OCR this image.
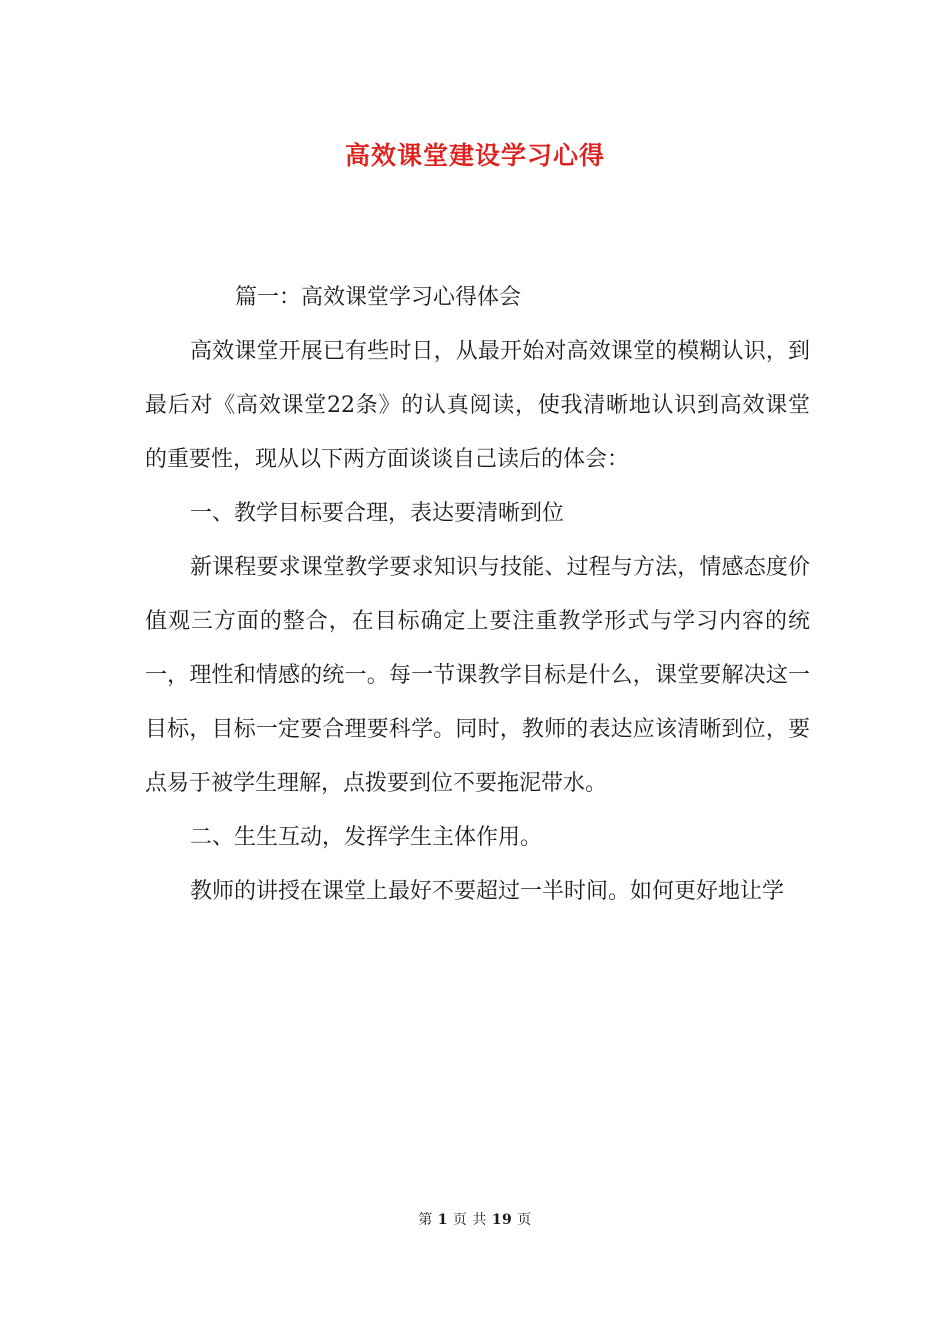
高效课堂建设学习心得

篇一：高效课堂学习心得体会

高效课堂开展已有些时日，从最开始对高效课堂的模糊认识，到最后对《高效课堂22条》的认真阅读，使我清晰地认识到高效课堂的重要性，现从以下两方面谈谈自己读后的体会：

一、教学目标要合理，表达要清晰到位

新课程要求课堂教学要求知识与技能、过程与方法，情感态度价值观三方面的整合，在目标确定上要注重教学形式与学习内容的统一，理性和情感的统一。每一节课教学目标是什么，课堂要解决这一目标，目标一定要合理要科学。同时，教师的表达应该清晰到位，要点易于被学生理解，点拨要到位不要拖泥带水。

二、生生互动，发挥学生主体作用。

教师的讲授在课堂上最好不要超过一半时间。如何更好地让学

第 1 页 共 19 页
